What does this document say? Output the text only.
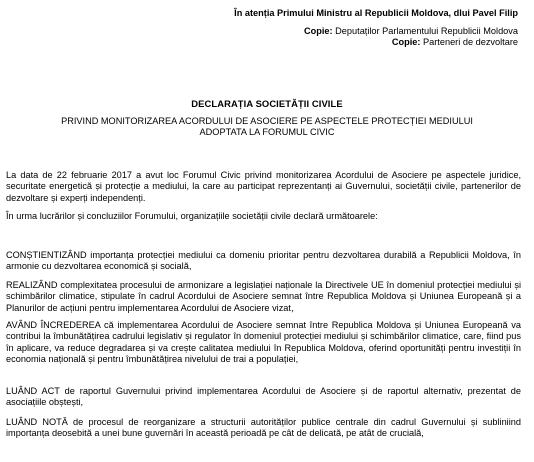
În atenția Primului Ministru al Republicii Moldova, dlui Pavel Filip
Copie: Deputaților Parlamentului Republicii Moldova
Copie: Parteneri de dezvoltare
DECLARAȚIA SOCIETĂȚII CIVILE
PRIVIND MONITORIZAREA ACORDULUI DE ASOCIERE PE ASPECTELE PROTECȚIEI MEDIULUI
ADOPTATA LA FORUMUL CIVIC

La data de 22 februarie 2017 a avut loc Forumul Civic privind monitorizarea Acordului de Asociere pe aspectele juridice, securitate energetică și protecție a mediului, la care au participat reprezentanți ai Guvernului, societății civile, partenerilor de dezvoltare și experți independenți.

În urma lucrărilor și concluziilor Forumului, organizațiile societății civile declară următoarele:

CONȘTIENTIZÂND importanța protecției mediului ca domeniu prioritar pentru dezvoltarea durabilă a Republicii Moldova, în armonie cu dezvoltarea economică și socială,

REALIZÂND complexitatea procesului de armonizare a legislației naționale la Directivele UE în domeniul protecției mediului și schimbărilor climatice, stipulate în cadrul Acordului de Asociere semnat între Republica Moldova și Uniunea Europeană și a Planurilor de acțiuni pentru implementarea Acordului de Asociere vizat,

AVÂND ÎNCREDEREA că implementarea Acordului de Asociere semnat între Republica Moldova și Uniunea Europeană va contribui la îmbunătățirea cadrului legislativ și regulator în domeniul protecției mediului și schimbărilor climatice, care, fiind pus în aplicare, va reduce degradarea și va crește calitatea mediului în Republica Moldova, oferind oportunități pentru investiții în economia națională și pentru îmbunătățirea nivelului de trai a populației,

LUÂND ACT de raportul Guvernului privind implementarea Acordului de Asociere și de raportul alternativ, prezentat de asociațiile obștești,

LUÂND NOTĂ de procesul de reorganizare a structurii autorităților publice centrale din cadrul Guvernului și subliniind importanța deosebită a unei bune guvernări în această perioadă pe cât de delicată, pe atât de crucială,
